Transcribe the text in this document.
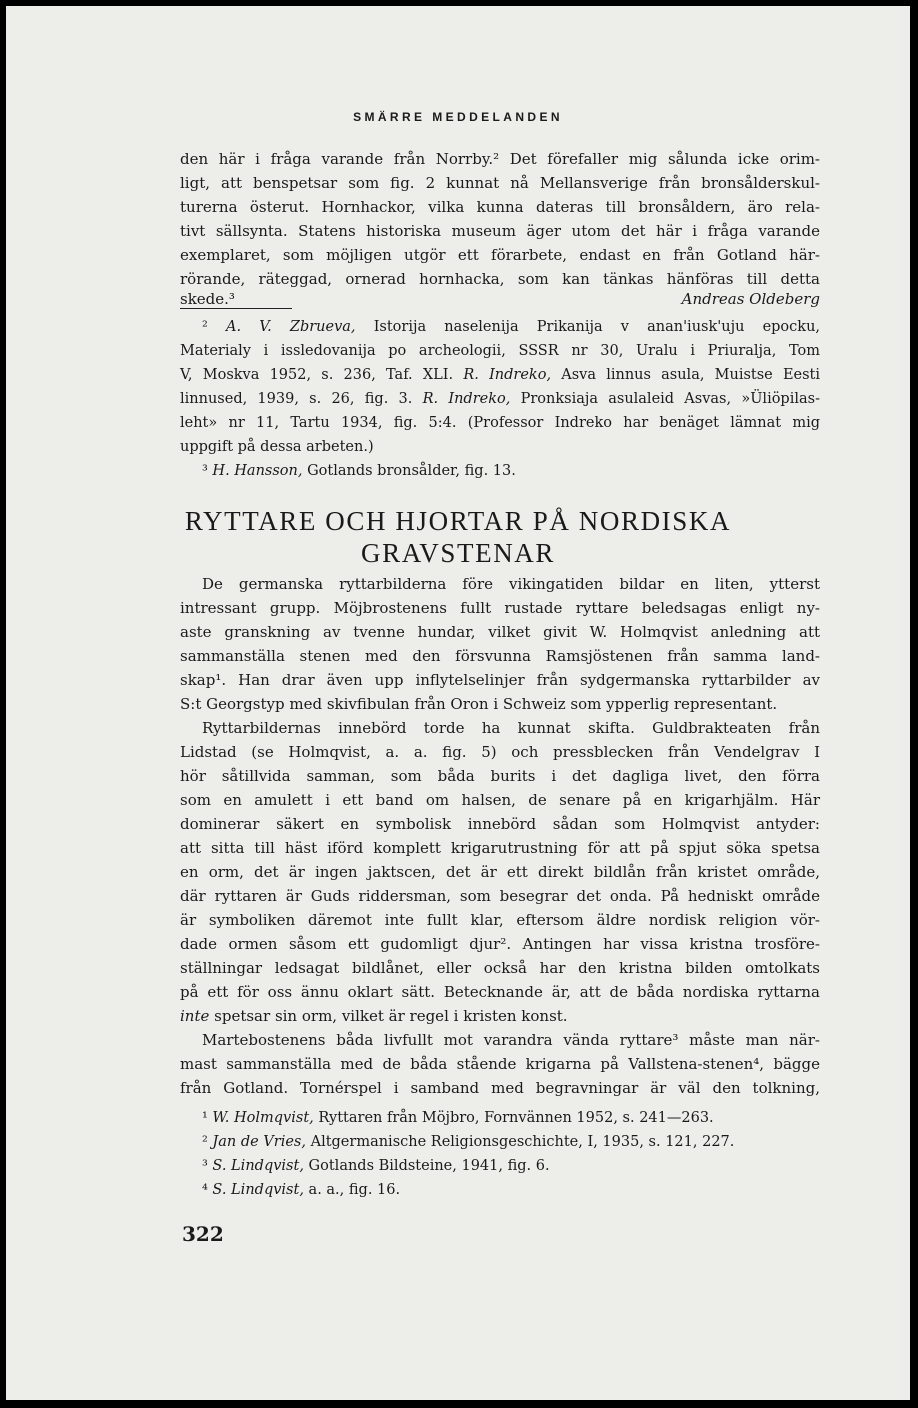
SMÄRRE MEDDELANDEN
den här i fråga varande från Norrby.² Det förefaller mig sålunda icke orim-
ligt, att benspetsar som fig. 2 kunnat nå Mellansverige från bronsålderskul-
turerna österut. Hornhackor, vilka kunna dateras till bronsåldern, äro rela-
tivt sällsynta. Statens historiska museum äger utom det här i fråga varande
exemplaret, som möjligen utgör ett förarbete, endast en från Gotland här-
rörande, räteggad, ornerad hornhacka, som kan tänkas hänföras till detta
skede.³	Andreas Oldeberg
² A. V. Zbrueva, Istorija naselenija Prikanija v anan'iusk'uju epocku,
Materialy i issledovanija po archeologii, SSSR nr 30, Uralu i Priuralja, Tom
V, Moskva 1952, s. 236, Taf. XLI. R. Indreko, Asva linnus asula, Muistse Eesti
linnused, 1939, s. 26, fig. 3. R. Indreko, Pronksiaja asulaleid Asvas, »Üliöpilas-
leht» nr 11, Tartu 1934, fig. 5:4. (Professor Indreko har benäget lämnat mig
uppgift på dessa arbeten.)
³ H. Hansson, Gotlands bronsålder, fig. 13.
RYTTARE OCH HJORTAR PÅ NORDISKA
GRAVSTENAR
De germanska ryttarbilderna före vikingatiden bildar en liten, ytterst
intressant grupp. Möjbrostenens fullt rustade ryttare beledsagas enligt ny-
aste granskning av tvenne hundar, vilket givit W. Holmqvist anledning att
sammanställa stenen med den försvunna Ramsjöstenen från samma land-
skap¹. Han drar även upp inflytelselinjer från sydgermanska ryttarbilder av
S:t Georgstyp med skivfibulan från Oron i Schweiz som ypperlig representant.
Ryttarbildernas innebörd torde ha kunnat skifta. Guldbrakteaten från
Lidstad (se Holmqvist, a. a. fig. 5) och pressblecken från Vendelgrav I
hör såtillvida samman, som båda burits i det dagliga livet, den förra
som en amulett i ett band om halsen, de senare på en krigarhjälm. Här
dominerar säkert en symbolisk innebörd sådan som Holmqvist antyder:
att sitta till häst iförd komplett krigarutrustning för att på spjut söka spetsa
en orm, det är ingen jaktscen, det är ett direkt bildlån från kristet område,
där ryttaren är Guds riddersman, som besegrar det onda. På hedniskt område
är symboliken däremot inte fullt klar, eftersom äldre nordisk religion vör-
dade ormen såsom ett gudomligt djur². Antingen har vissa kristna trosföre-
ställningar ledsagat bildlånet, eller också har den kristna bilden omtolkats
på ett för oss ännu oklart sätt. Betecknande är, att de båda nordiska ryttarna
inte spetsar sin orm, vilket är regel i kristen konst.
Martebostenens båda livfullt mot varandra vända ryttare³ måste man när-
mast sammanställa med de båda stående krigarna på Vallstena-stenen⁴, bägge
från Gotland. Tornérspel i samband med begravningar är väl den tolkning,
¹ W. Holmqvist, Ryttaren från Möjbro, Fornvännen 1952, s. 241—263.
² Jan de Vries, Altgermanische Religionsgeschichte, I, 1935, s. 121, 227.
³ S. Lindqvist, Gotlands Bildsteine, 1941, fig. 6.
⁴ S. Lindqvist, a. a., fig. 16.
322
